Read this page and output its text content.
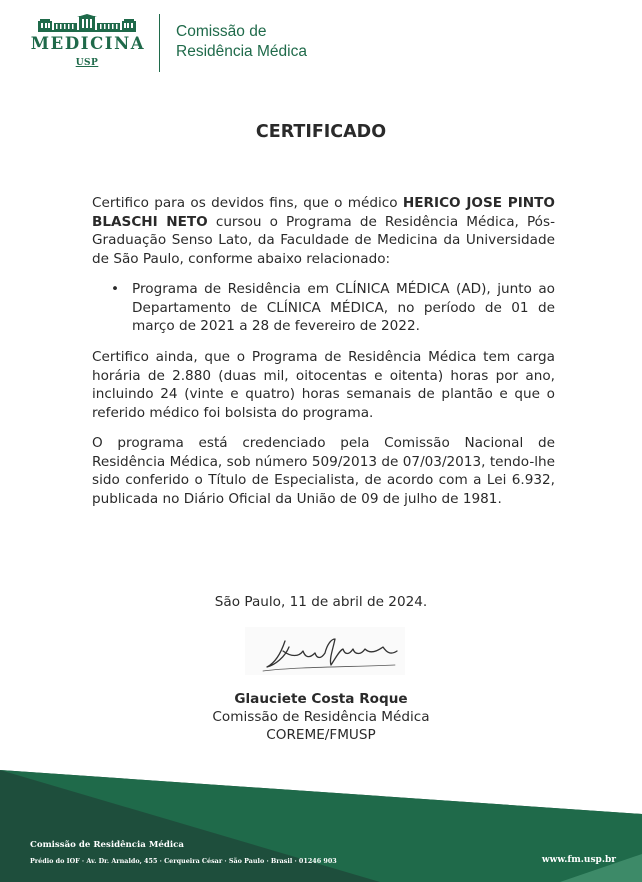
MEDICINA
USP
Comissão de
Residência Médica
CERTIFICADO

Certifico para os devidos fins, que o médico HERICO JOSE PINTO BLASCHI NETO cursou o Programa de Residência Médica, Pós-Graduação Senso Lato, da Faculdade de Medicina da Universidade de São Paulo, conforme abaixo relacionado:

• Programa de Residência em CLÍNICA MÉDICA (AD), junto ao Departamento de CLÍNICA MÉDICA, no período de 01 de março de 2021 a 28 de fevereiro de 2022.

Certifico ainda, que o Programa de Residência Médica tem carga horária de 2.880 (duas mil, oitocentas e oitenta) horas por ano, incluindo 24 (vinte e quatro) horas semanais de plantão e que o referido médico foi bolsista do programa.

O programa está credenciado pela Comissão Nacional de Residência Médica, sob número 509/2013 de 07/03/2013, tendo-lhe sido conferido o Título de Especialista, de acordo com a Lei 6.932, publicada no Diário Oficial da União de 09 de julho de 1981.

São Paulo, 11 de abril de 2024.
Glauciete Costa Roque
Comissão de Residência Médica
COREME/FMUSP
Comissão de Residência Médica
Prédio do IOF · Av. Dr. Arnaldo, 455 · Cerqueira César · São Paulo · Brasil · 01246 903	www.fm.usp.br
